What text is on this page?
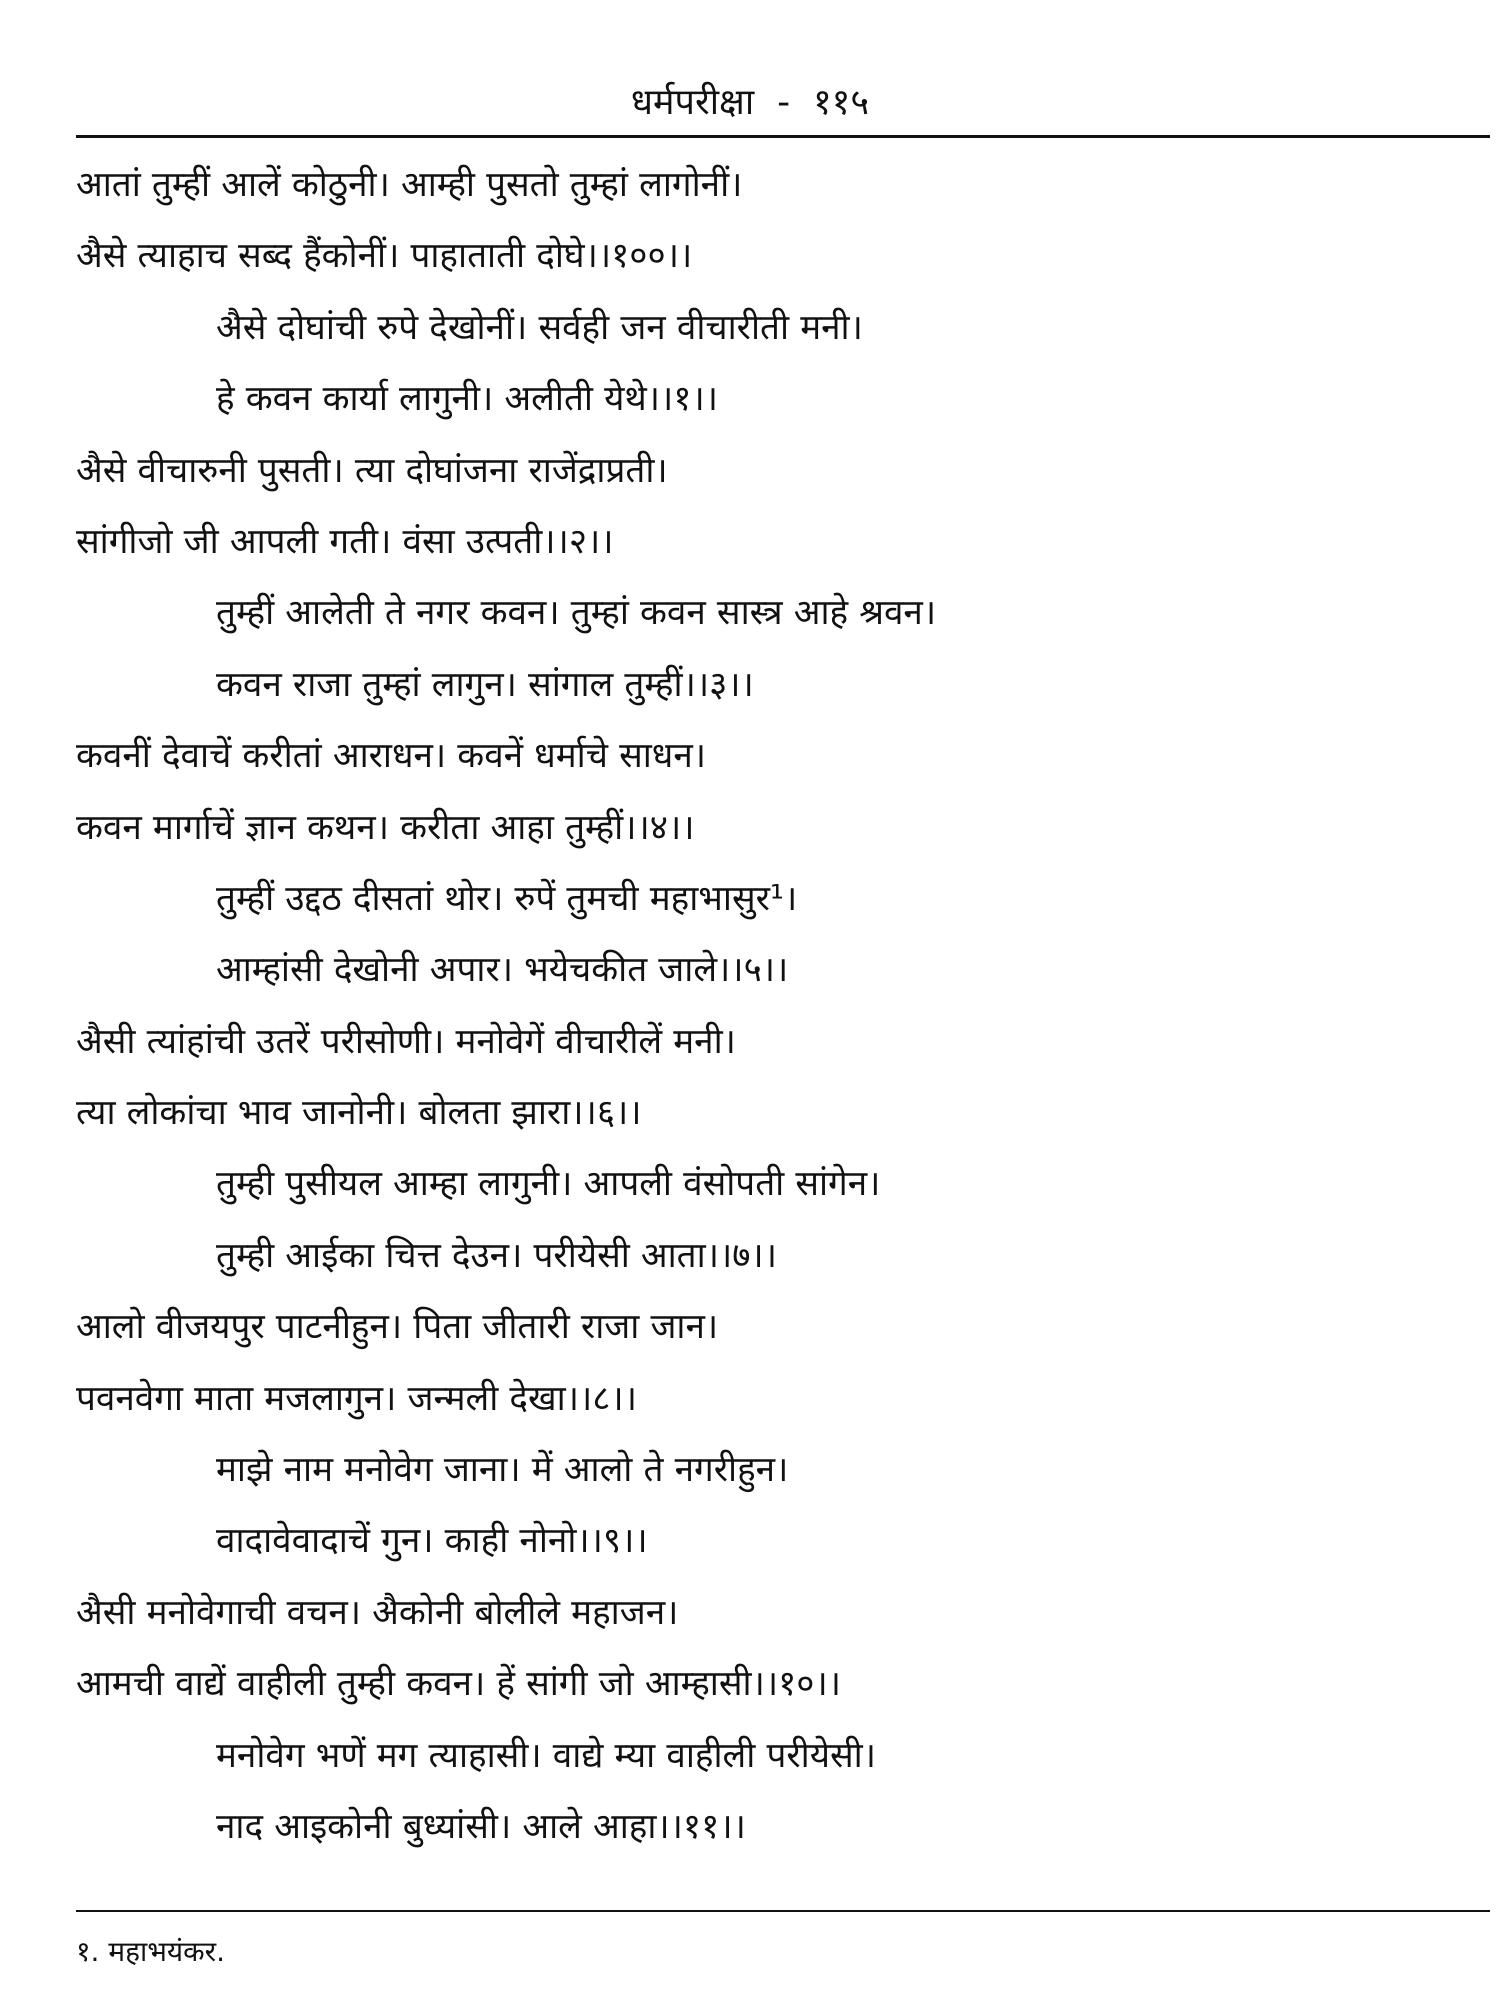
धर्मपरीक्षा - ११५
आतां तुम्हीं आलें कोठुनी। आम्ही पुसतो तुम्हां लागोनीं।
अैसे त्याहाच सब्द हैंकोनीं। पाहाताती दोघे।।१००।।
अैसे दोघांची रुपे देखोनीं। सर्वही जन वीचारीती मनी।
हे कवन कार्या लागुनी। अलीती येथे।।१।।
अैसे वीचारुनी पुसती। त्या दोघांजना राजेंद्राप्रती।
सांगीजो जी आपली गती। वंसा उत्पती।।२।।
तुम्हीं आलेती ते नगर कवन। तुम्हां कवन सास्त्र आहे श्रवन।
कवन राजा तुम्हां लागुन। सांगाल तुम्हीं।।३।।
कवनीं देवाचें करीतां आराधन। कवनें धर्माचे साधन।
कवन मार्गाचें ज्ञान कथन। करीता आहा तुम्हीं।।४।।
तुम्हीं उद्दठ दीसतां थोर। रुपें तुमची महाभासुर¹।
आम्हांसी देखोनी अपार। भयेचकीत जाले।।५।।
अैसी त्यांहांची उतरें परीसोणी। मनोवेगें वीचारीलें मनी।
त्या लोकांचा भाव जानोनी। बोलता झारा।।६।।
तुम्ही पुसीयल आम्हा लागुनी। आपली वंसोपती सांगेन।
तुम्ही आईका चित्त देउन। परीयेसी आता।।७।।
आलो वीजयपुर पाटनीहुन। पिता जीतारी राजा जान।
पवनवेगा माता मजलागुन। जन्मली देखा।।८।।
माझे नाम मनोवेग जाना। में आलो ते नगरीहुन।
वादावेवादाचें गुन। काही नोनो।।९।।
अैसी मनोवेगाची वचन। अैकोनी बोलीले महाजन।
आमची वाद्यें वाहीली तुम्ही कवन। हें सांगी जो आम्हासी।।१०।।
मनोवेग भणें मग त्याहासी। वाद्ये म्या वाहीली परीयेसी।
नाद आइकोनी बुध्यांसी। आले आहा।।११।।
१. महाभयंकर.
